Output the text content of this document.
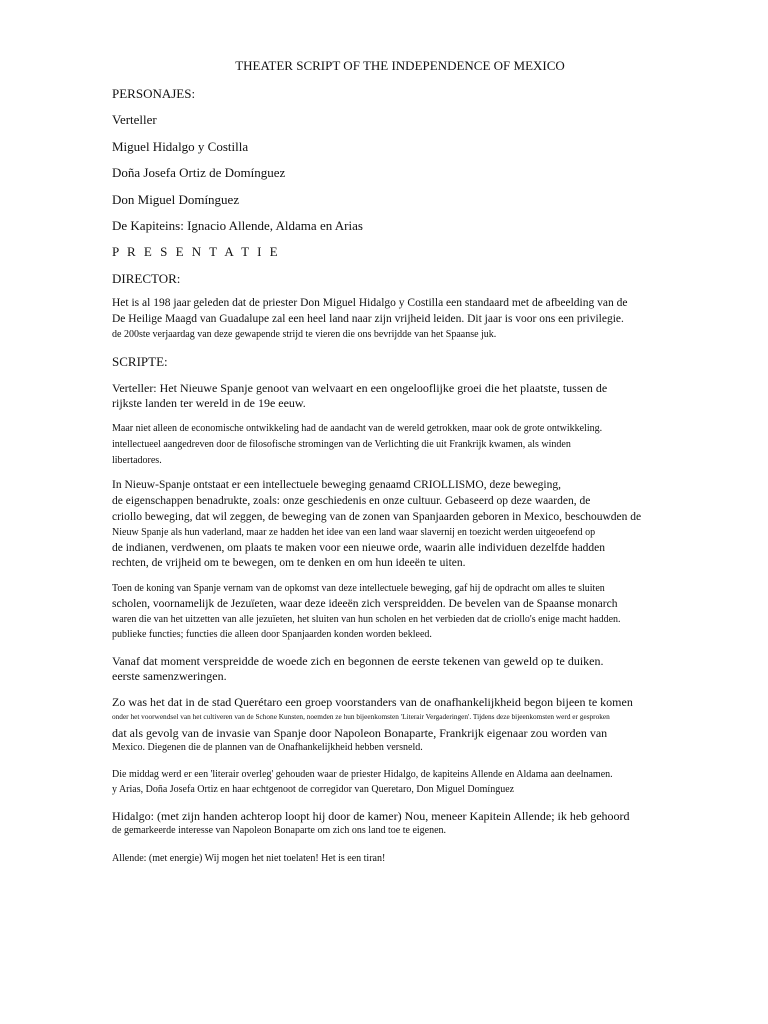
THEATER SCRIPT OF THE INDEPENDENCE OF MEXICO
PERSONAJES:
Verteller
Miguel Hidalgo y Costilla
Doña Josefa Ortiz de Domínguez
Don Miguel Domínguez
De Kapiteins: Ignacio Allende, Aldama en Arias
P R E S E N T A T I E
DIRECTOR:
Het is al 198 jaar geleden dat de priester Don Miguel Hidalgo y Costilla een standaard met de afbeelding van de
De Heilige Maagd van Guadalupe zal een heel land naar zijn vrijheid leiden. Dit jaar is voor ons een privilegie.
de 200ste verjaardag van deze gewapende strijd te vieren die ons bevrijdde van het Spaanse juk.
SCRIPTE:
Verteller: Het Nieuwe Spanje genoot van welvaart en een ongelooflijke groei die het plaatste, tussen de
rijkste landen ter wereld in de 19e eeuw.
Maar niet alleen de economische ontwikkeling had de aandacht van de wereld getrokken, maar ook de grote ontwikkeling.
intellectueel aangedreven door de filosofische stromingen van de Verlichting die uit Frankrijk kwamen, als winden
libertadores.
In Nieuw-Spanje ontstaat er een intellectuele beweging genaamd CRIOLLISMO, deze beweging,
de eigenschappen benadrukte, zoals: onze geschiedenis en onze cultuur. Gebaseerd op deze waarden, de
criollo beweging, dat wil zeggen, de beweging van de zonen van Spanjaarden geboren in Mexico, beschouwden de
Nieuw Spanje als hun vaderland, maar ze hadden het idee van een land waar slavernij en toezicht werden uitgeoefend op
de indianen, verdwenen, om plaats te maken voor een nieuwe orde, waarin alle individuen dezelfde hadden
rechten, de vrijheid om te bewegen, om te denken en om hun ideeën te uiten.
Toen de koning van Spanje vernam van de opkomst van deze intellectuele beweging, gaf hij de opdracht om alles te sluiten
scholen, voornamelijk de Jezuïeten, waar deze ideeën zich verspreidden. De bevelen van de Spaanse monarch
waren die van het uitzetten van alle jezuïeten, het sluiten van hun scholen en het verbieden dat de criollo's enige macht hadden.
publieke functies; functies die alleen door Spanjaarden konden worden bekleed.
Vanaf dat moment verspreidde de woede zich en begonnen de eerste tekenen van geweld op te duiken.
eerste samenzweringen.
Zo was het dat in de stad Querétaro een groep voorstanders van de onafhankelijkheid begon bijeen te komen
onder het voorwendsel van het cultiveren van de Schone Kunsten, noemden ze hun bijeenkomsten 'Literair Vergaderingen'. Tijdens deze bijeenkomsten werd er gesproken
dat als gevolg van de invasie van Spanje door Napoleon Bonaparte, Frankrijk eigenaar zou worden van
Mexico. Diegenen die de plannen van de Onafhankelijkheid hebben versneld.
Die middag werd er een 'literair overleg' gehouden waar de priester Hidalgo, de kapiteins Allende en Aldama aan deelnamen.
y Arias, Doña Josefa Ortiz en haar echtgenoot de corregidor van Queretaro, Don Miguel Domínguez
Hidalgo: (met zijn handen achterop loopt hij door de kamer) Nou, meneer Kapitein Allende; ik heb gehoord
de gemarkeerde interesse van Napoleon Bonaparte om zich ons land toe te eigenen.
Allende: (met energie) Wij mogen het niet toelaten! Het is een tiran!
